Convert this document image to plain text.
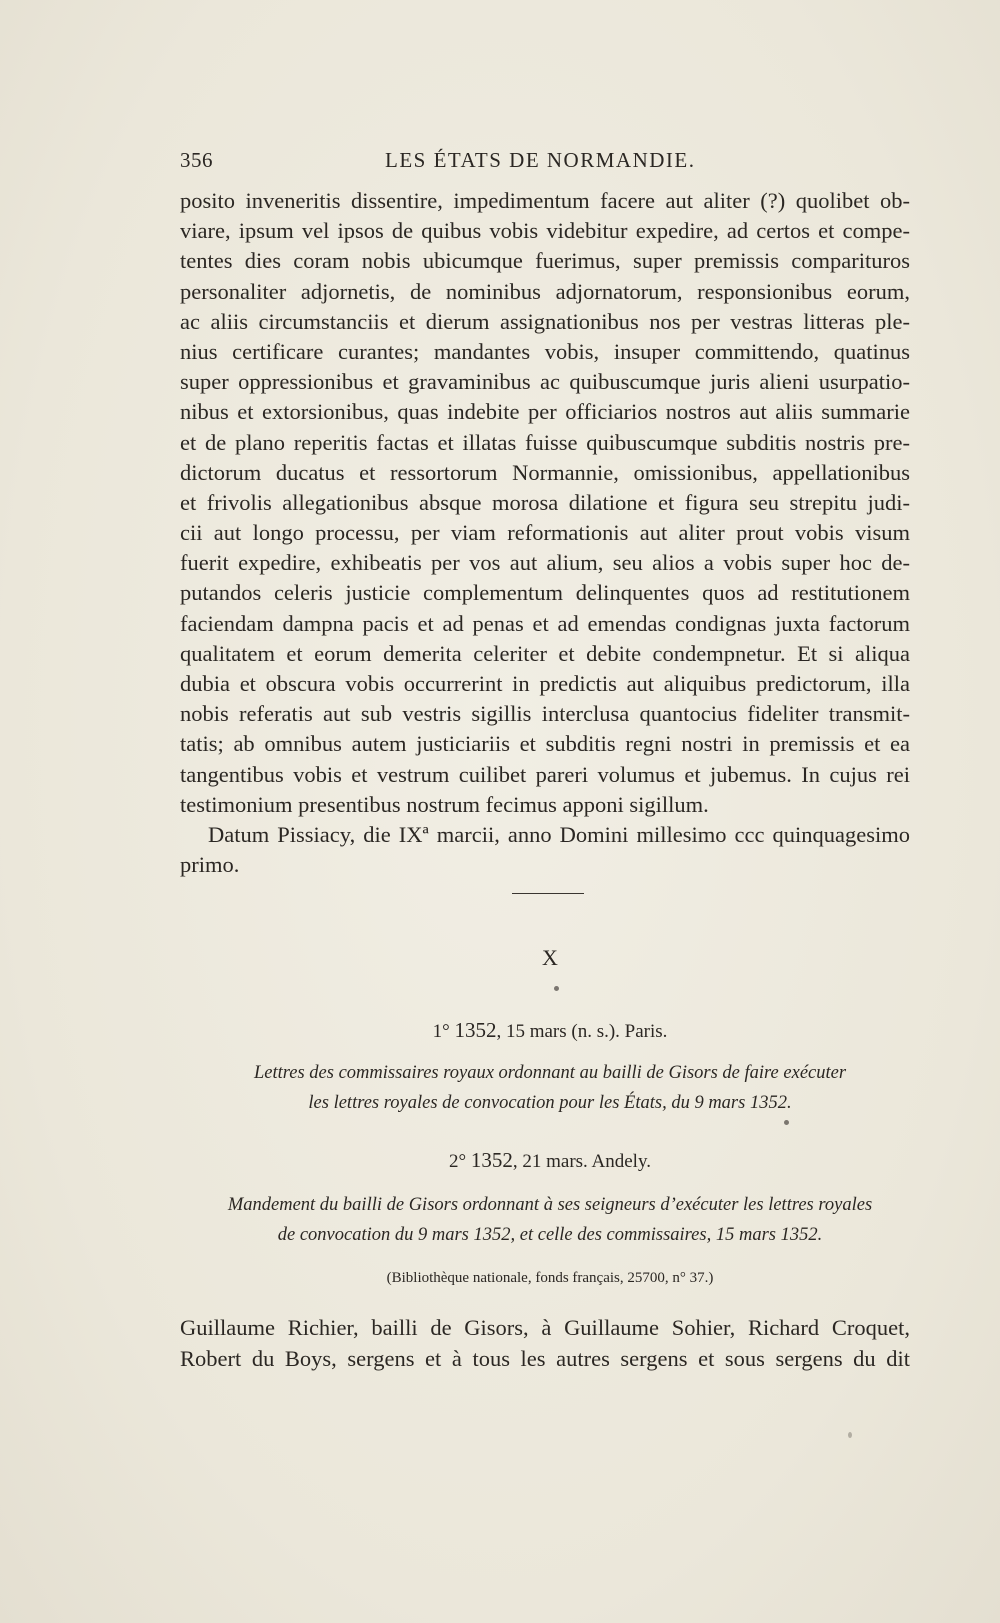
356	LES ÉTATS DE NORMANDIE.
posito inveneritis dissentire, impedimentum facere aut aliter (?) quolibet ob-
viare, ipsum vel ipsos de quibus vobis videbitur expedire, ad certos et compe-
tentes dies coram nobis ubicumque fuerimus, super premissis comparituros
personaliter adjornetis, de nominibus adjornatorum, responsionibus eorum,
ac aliis circumstanciis et dierum assignationibus nos per vestras litteras ple-
nius certificare curantes; mandantes vobis, insuper committendo, quatinus
super oppressionibus et gravaminibus ac quibuscumque juris alieni usurpatio-
nibus et extorsionibus, quas indebite per officiarios nostros aut aliis summarie
et de plano reperitis factas et illatas fuisse quibuscumque subditis nostris pre-
dictorum ducatus et ressortorum Normannie, omissionibus, appellationibus
et frivolis allegationibus absque morosa dilatione et figura seu strepitu judi-
cii aut longo processu, per viam reformationis aut aliter prout vobis visum
fuerit expedire, exhibeatis per vos aut alium, seu alios a vobis super hoc de-
putandos celeris justicie complementum delinquentes quos ad restitutionem
faciendam dampna pacis et ad penas et ad emendas condignas juxta factorum
qualitatem et eorum demerita celeriter et debite condempnetur. Et si aliqua
dubia et obscura vobis occurrerint in predictis aut aliquibus predictorum, illa
nobis referatis aut sub vestris sigillis interclusa quantocius fideliter transmit-
tatis; ab omnibus autem justiciariis et subditis regni nostri in premissis et ea
tangentibus vobis et vestrum cuilibet pareri volumus et jubemus. In cujus rei
testimonium presentibus nostrum fecimus apponi sigillum.
Datum Pissiacy, die IXª marcii, anno Domini millesimo ccc quinquagesimo
primo.
X
1° 1352, 15 mars (n. s.). Paris.
Lettres des commissaires royaux ordonnant au bailli de Gisors de faire exécuter
les lettres royales de convocation pour les États, du 9 mars 1352.
2° 1352, 21 mars. Andely.
Mandement du bailli de Gisors ordonnant à ses seigneurs d’exécuter les lettres royales
de convocation du 9 mars 1352, et celle des commissaires, 15 mars 1352.
(Bibliothèque nationale, fonds français, 25700, n° 37.)
Guillaume Richier, bailli de Gisors, à Guillaume Sohier, Richard Croquet,
Robert du Boys, sergens et à tous les autres sergens et sous sergens du dit
